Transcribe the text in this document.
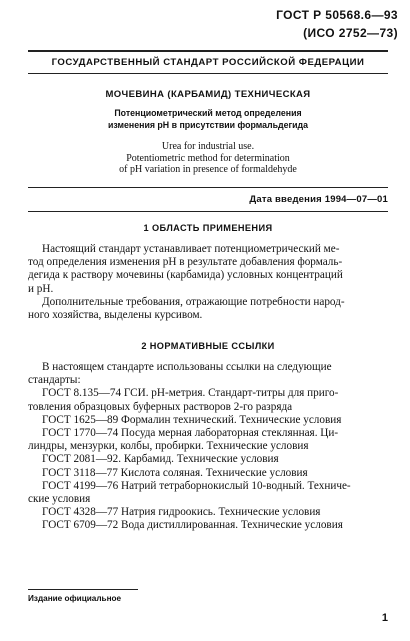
ГОСТ Р 50568.6—93
(ИСО 2752—73)
ГОСУДАРСТВЕННЫЙ СТАНДАРТ РОССИЙСКОЙ ФЕДЕРАЦИИ
МОЧЕВИНА (КАРБАМИД) ТЕХНИЧЕСКАЯ
Потенциометрический метод определения
изменения pH в присутствии формальдегида
Urea for industrial use.
Potentiometric method for determination
of pH variation in presence of formaldehyde
Дата введения 1994—07—01
1 ОБЛАСТЬ ПРИМЕНЕНИЯ
Настоящий стандарт устанавливает потенциометрический ме-
тод определения изменения pH в результате добавления формаль-
дегида к раствору мочевины (карбамида) условных концентраций
и pH.
Дополнительные требования, отражающие потребности народ-
ного хозяйства, выделены курсивом.
2 НОРМАТИВНЫЕ ССЫЛКИ
В настоящем стандарте использованы ссылки на следующие
стандарты:
ГОСТ 8.135—74 ГСИ. pH-метрия. Стандарт-титры для приго-
товления образцовых буферных растворов 2-го разряда
ГОСТ 1625—89 Формалин технический. Технические условия
ГОСТ 1770—74 Посуда мерная лабораторная стеклянная. Ци-
линдры, мензурки, колбы, пробирки. Технические условия
ГОСТ 2081—92. Карбамид. Технические условия
ГОСТ 3118—77 Кислота соляная. Технические условия
ГОСТ 4199—76 Натрий тетраборнокислый 10-водный. Техниче-
ские условия
ГОСТ 4328—77 Натрия гидроокись. Технические условия
ГОСТ 6709—72 Вода дистиллированная. Технические условия
Издание официальное
1
